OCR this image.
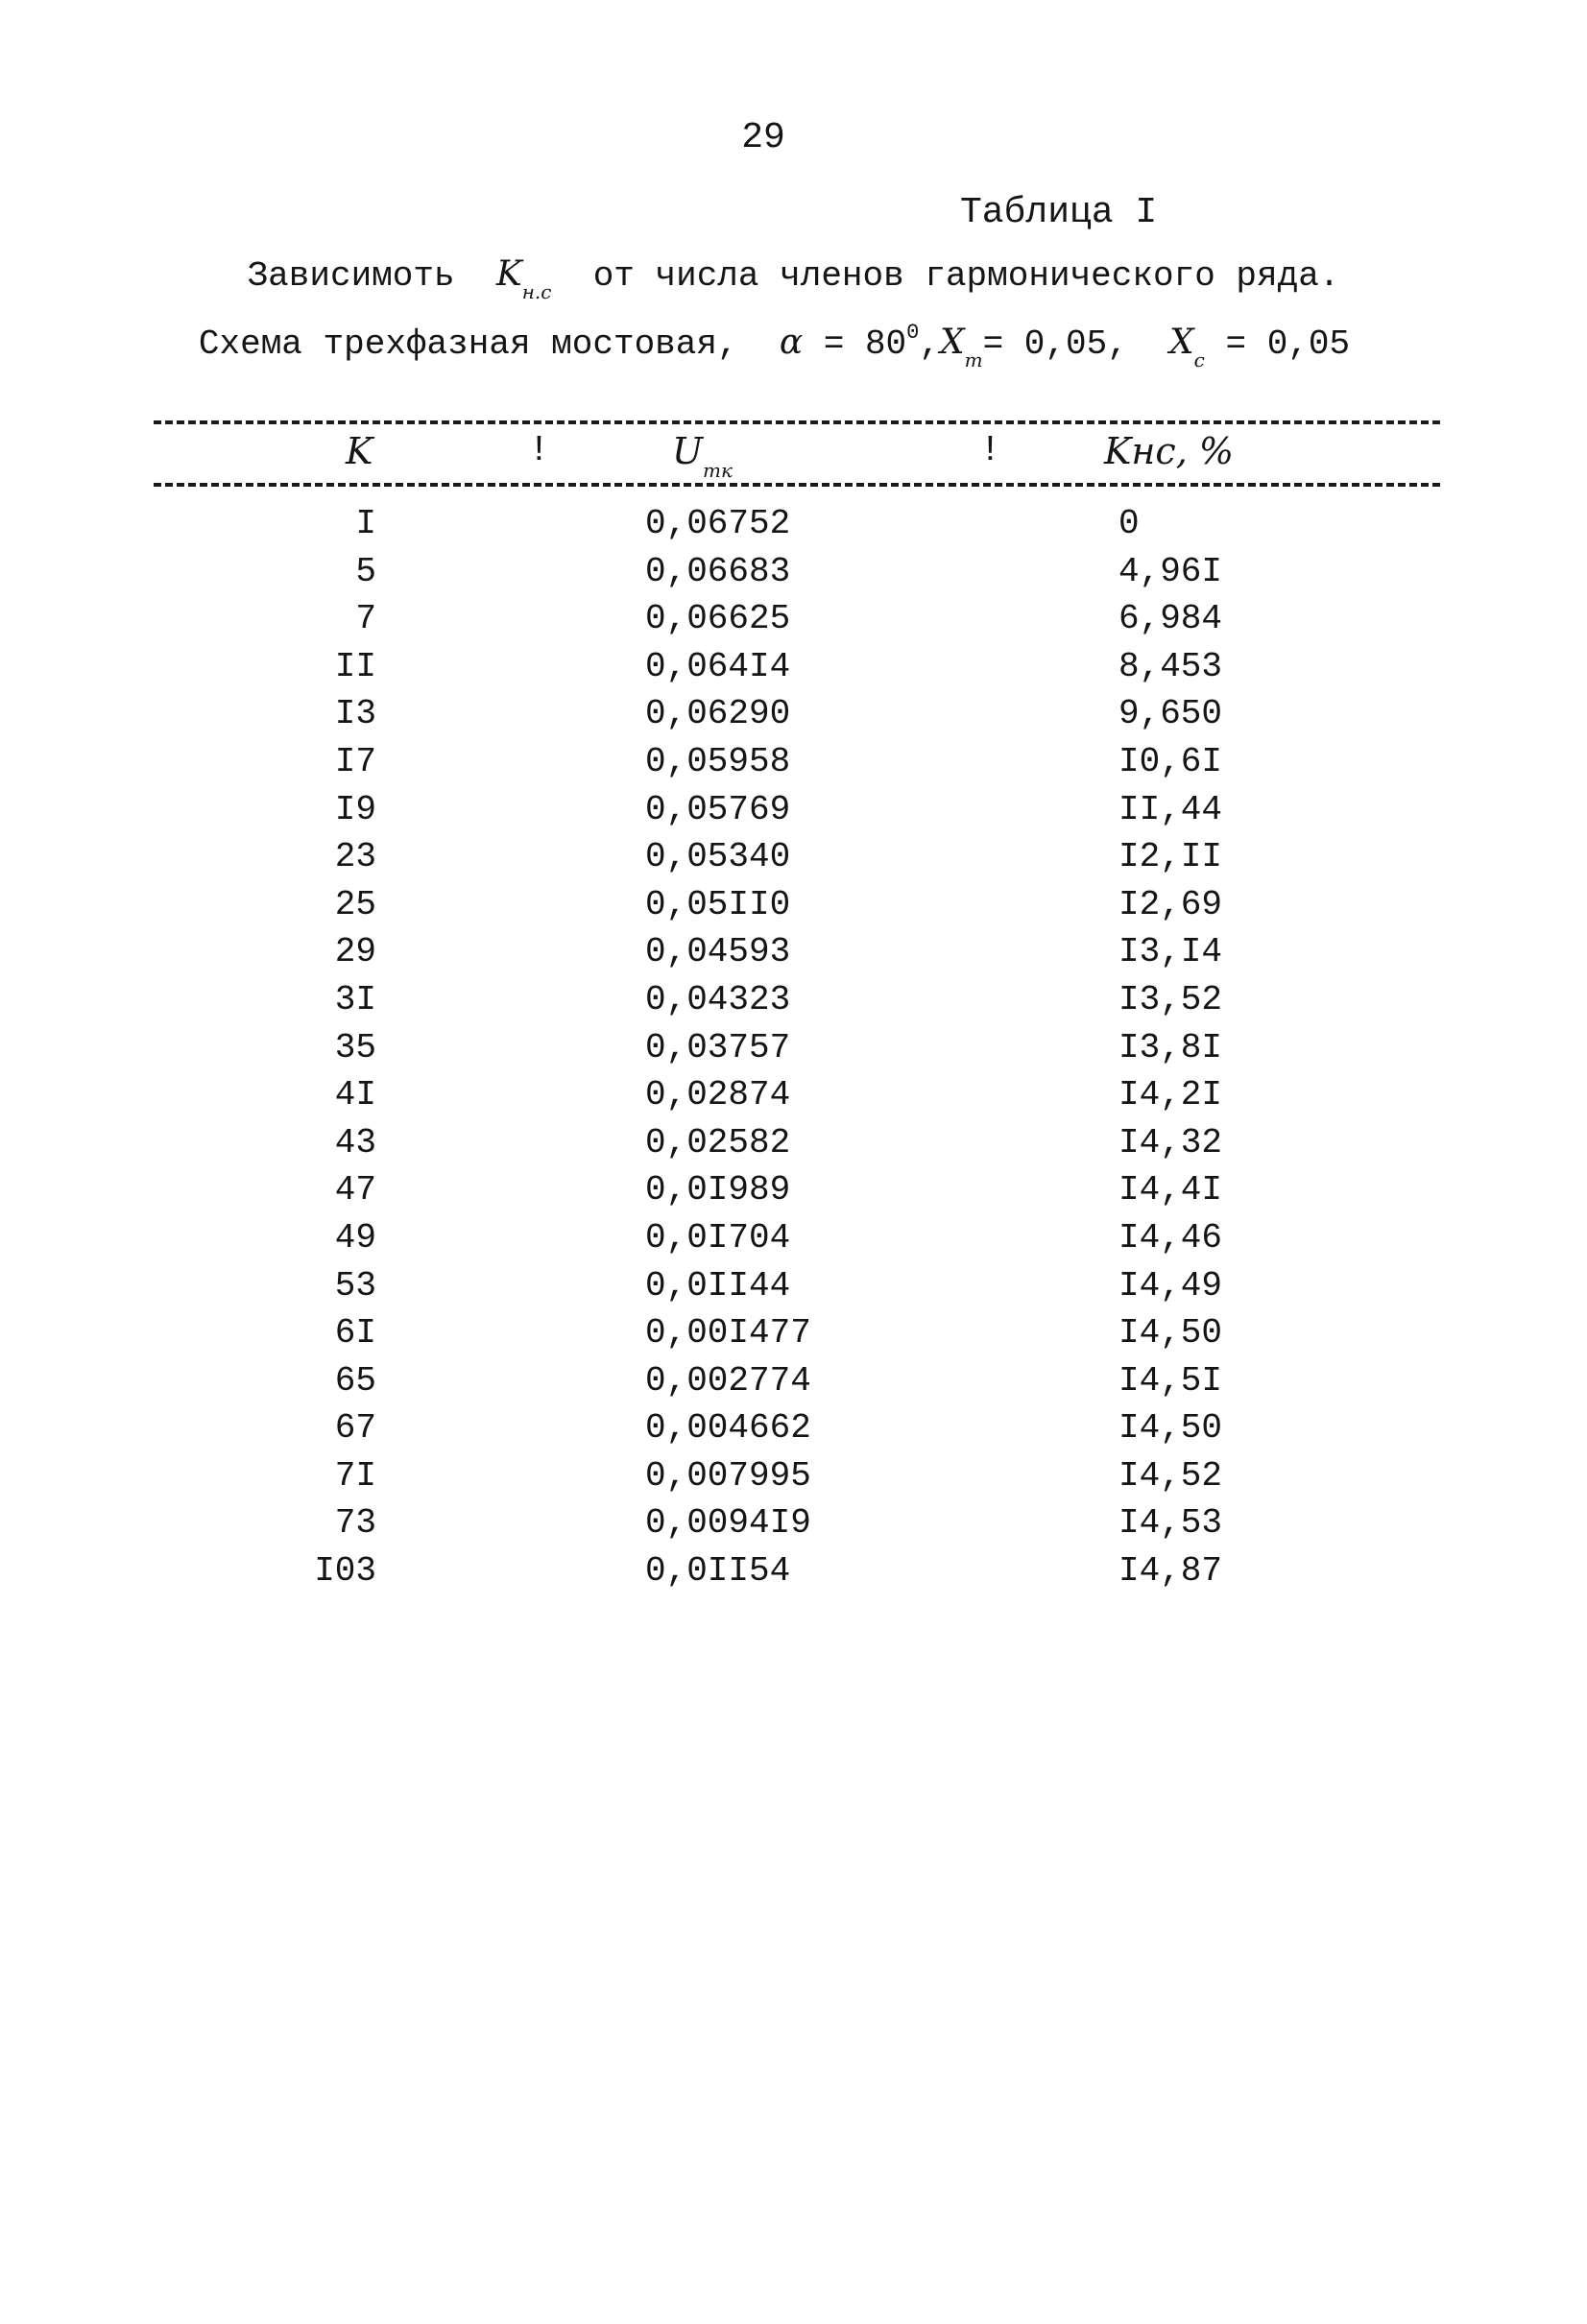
29
Таблица I
Зависимоть $K_{н.с}$ от числа членов гармонического ряда.
Схема трехфазная мостовая, $\alpha = 80^0,X_т= 0,05$, $X_с = 0,05$
K	!	$U_{mк}$	!	Kнс, %
I	0,06752	0
5	0,06683	4,96I
7	0,06625	6,984
II	0,064I4	8,453
I3	0,06290	9,650
I7	0,05958	I0,6I
I9	0,05769	II,44
23	0,05340	I2,II
25	0,05II0	I2,69
29	0,04593	I3,I4
3I	0,04323	I3,52
35	0,03757	I3,8I
4I	0,02874	I4,2I
43	0,02582	I4,32
47	0,0I989	I4,4I
49	0,0I704	I4,46
53	0,0II44	I4,49
6I	0,00I477	I4,50
65	0,002774	I4,5I
67	0,004662	I4,50
7I	0,007995	I4,52
73	0,0094I9	I4,53
I03	0,0II54	I4,87
